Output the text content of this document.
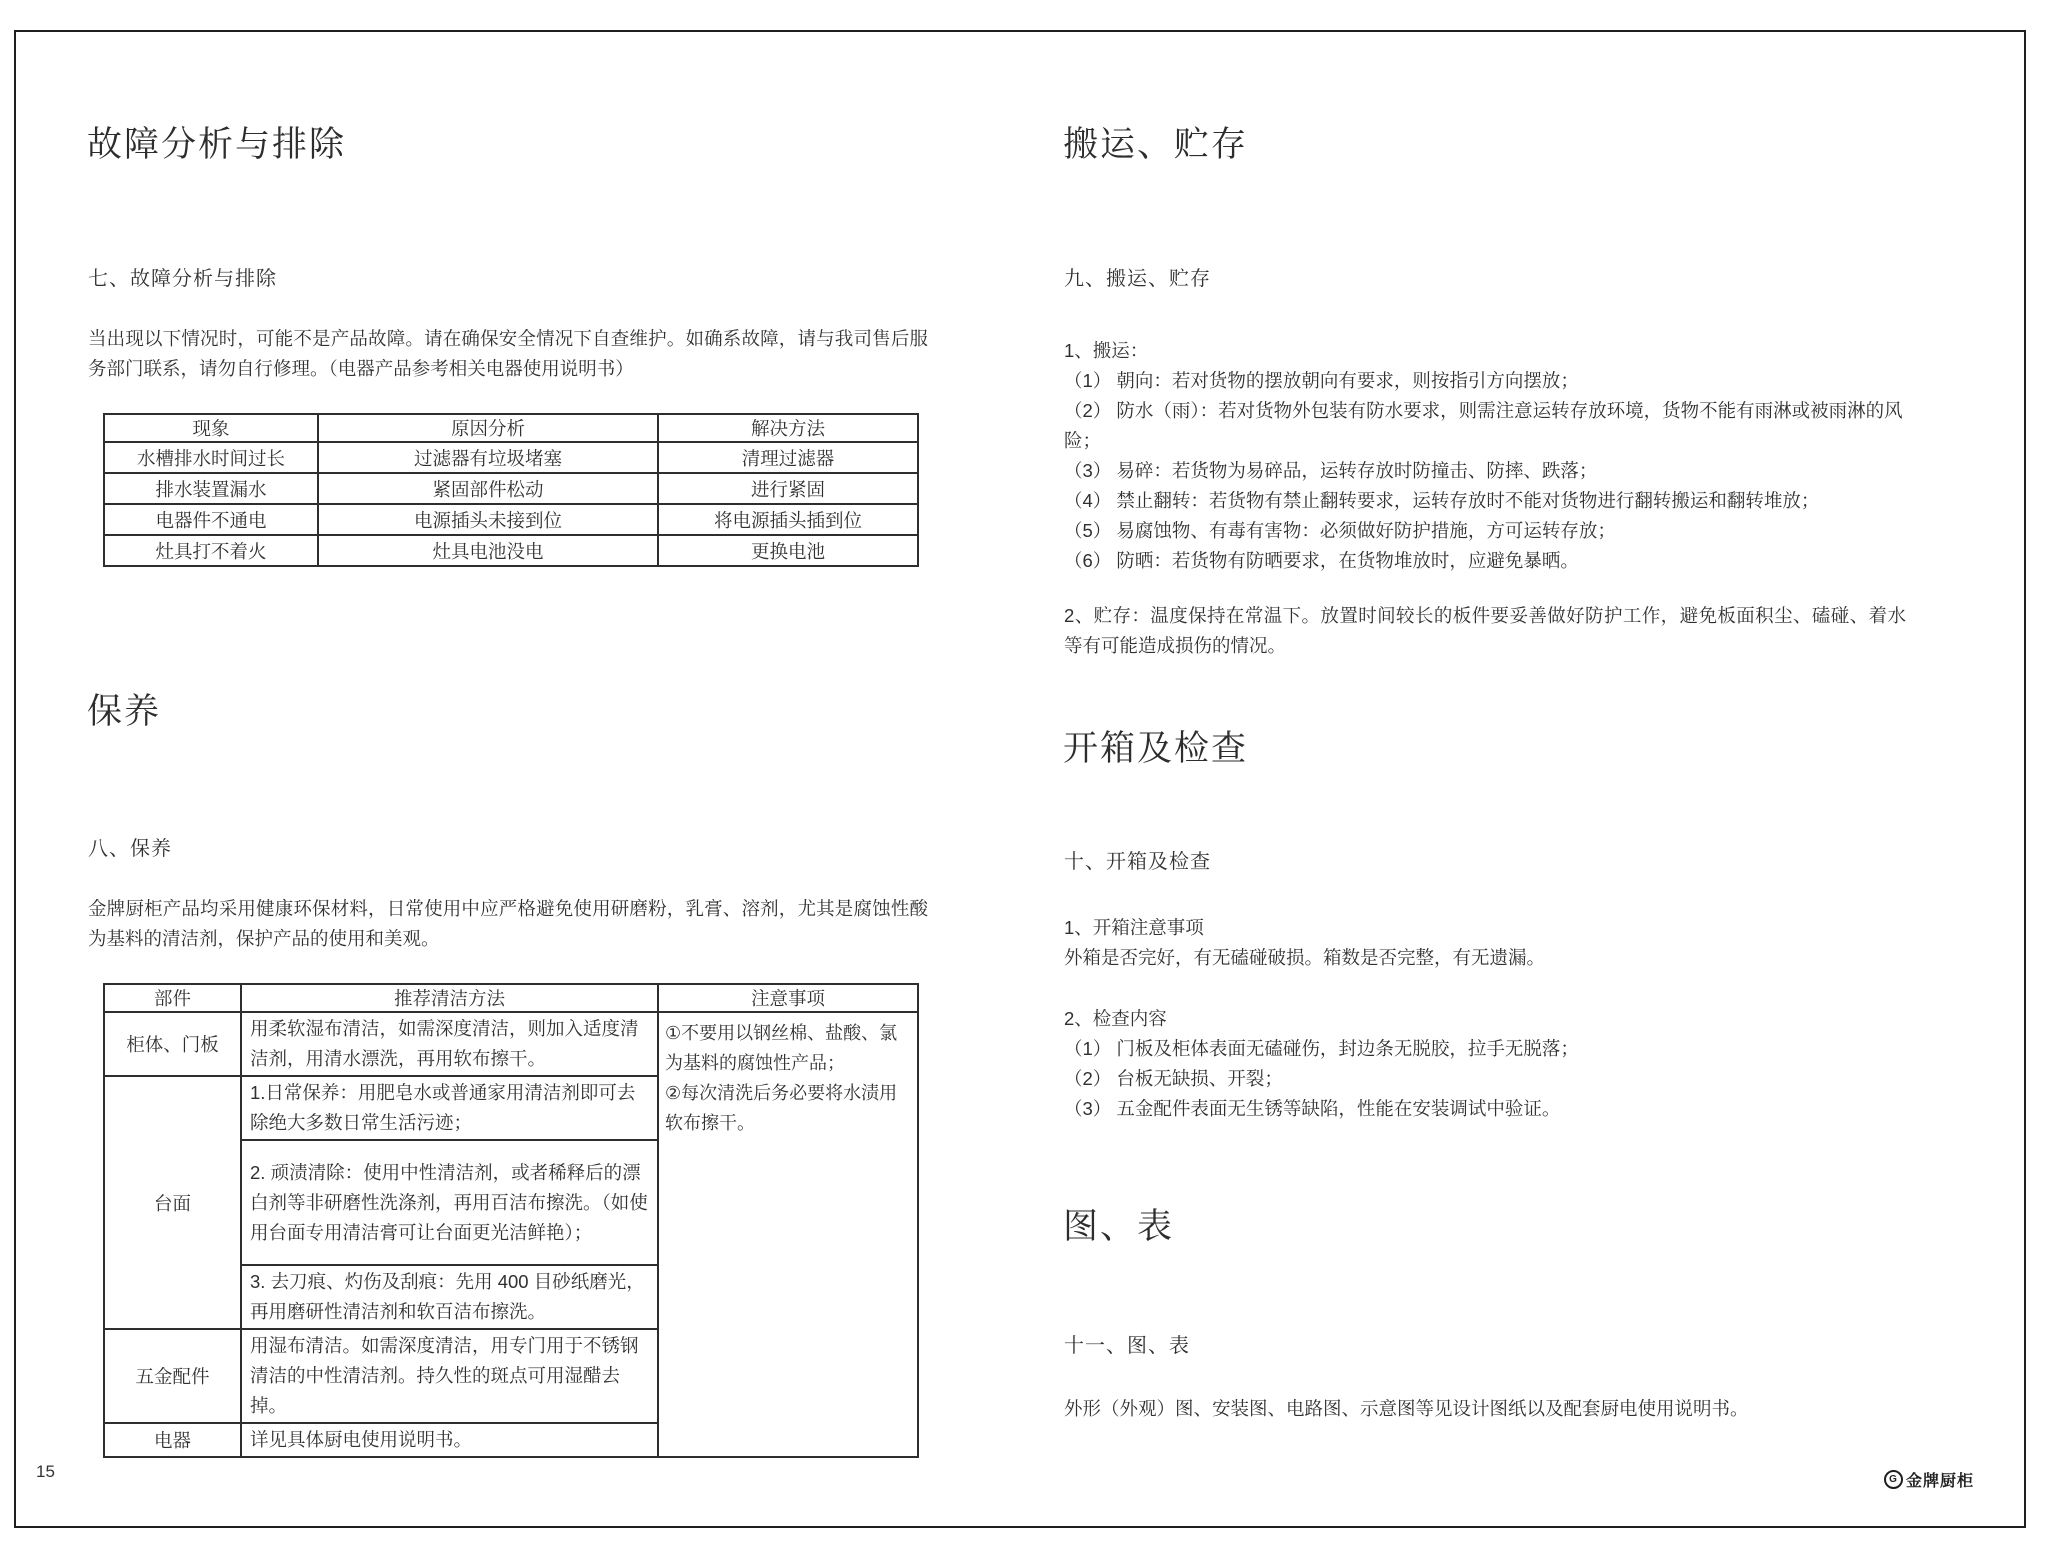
故障分析与排除
七、故障分析与排除

当出现以下情况时，可能不是产品故障。请在确保安全情况下自查维护。如确系故障，请与我司售后服务部门联系，请勿自行修理。（电器产品参考相关电器使用说明书）

现象	原因分析	解决方法
水槽排水时间过长	过滤器有垃圾堵塞	清理过滤器
排水装置漏水	紧固部件松动	进行紧固
电器件不通电	电源插头未接到位	将电源插头插到位
灶具打不着火	灶具电池没电	更换电池
保养
八、保养

金牌厨柜产品均采用健康环保材料，日常使用中应严格避免使用研磨粉，乳膏、溶剂，尤其是腐蚀性酸为基料的清洁剂，保护产品的使用和美观。

部件	推荐清洁方法	注意事项
柜体、门板	用柔软湿布清洁，如需深度清洁，则加入适度清洁剂，用清水漂洗，再用软布擦干。	①不要用以钢丝棉、盐酸、氯为基料的腐蚀性产品；
②每次清洗后务必要将水渍用软布擦干。

台面	1.日常保养：用肥皂水或普通家用清洁剂即可去除绝大多数日常生活污迹；	
	2. 顽渍清除：使用中性清洁剂，或者稀释后的漂白剂等非研磨性洗涤剂，再用百洁布擦洗。（如使用台面专用清洁膏可让台面更光洁鲜艳）；	
	3. 去刀痕、灼伤及刮痕：先用 400 目砂纸磨光，再用磨研性清洁剂和软百洁布擦洗。	
五金配件	用湿布清洁。如需深度清洁，用专门用于不锈钢清洁的中性清洁剂。持久性的斑点可用湿醋去掉。	
电器	详见具体厨电使用说明书。	
搬运、贮存
九、搬运、贮存
1、搬运：
（1） 朝向：若对货物的摆放朝向有要求，则按指引方向摆放；
（2） 防水（雨）：若对货物外包装有防水要求，则需注意运转存放环境，货物不能有雨淋或被雨淋的风险；
（3） 易碎：若货物为易碎品，运转存放时防撞击、防摔、跌落；
（4） 禁止翻转：若货物有禁止翻转要求，运转存放时不能对货物进行翻转搬运和翻转堆放；
（5） 易腐蚀物、有毒有害物：必须做好防护措施，方可运转存放；
（6） 防晒：若货物有防晒要求，在货物堆放时，应避免暴晒。

2、贮存：温度保持在常温下。放置时间较长的板件要妥善做好防护工作，避免板面积尘、磕碰、着水等有可能造成损伤的情况。

开箱及检查
十、开箱及检查
1、开箱注意事项
外箱是否完好，有无磕碰破损。箱数是否完整，有无遗漏。
2、检查内容
（1） 门板及柜体表面无磕碰伤，封边条无脱胶，拉手无脱落；
（2） 台板无缺损、开裂；
（3） 五金配件表面无生锈等缺陷，性能在安装调试中验证。
图、表
十一、图、表
外形（外观）图、安装图、电路图、示意图等见设计图纸以及配套厨电使用说明书。
15	G 金牌厨柜
